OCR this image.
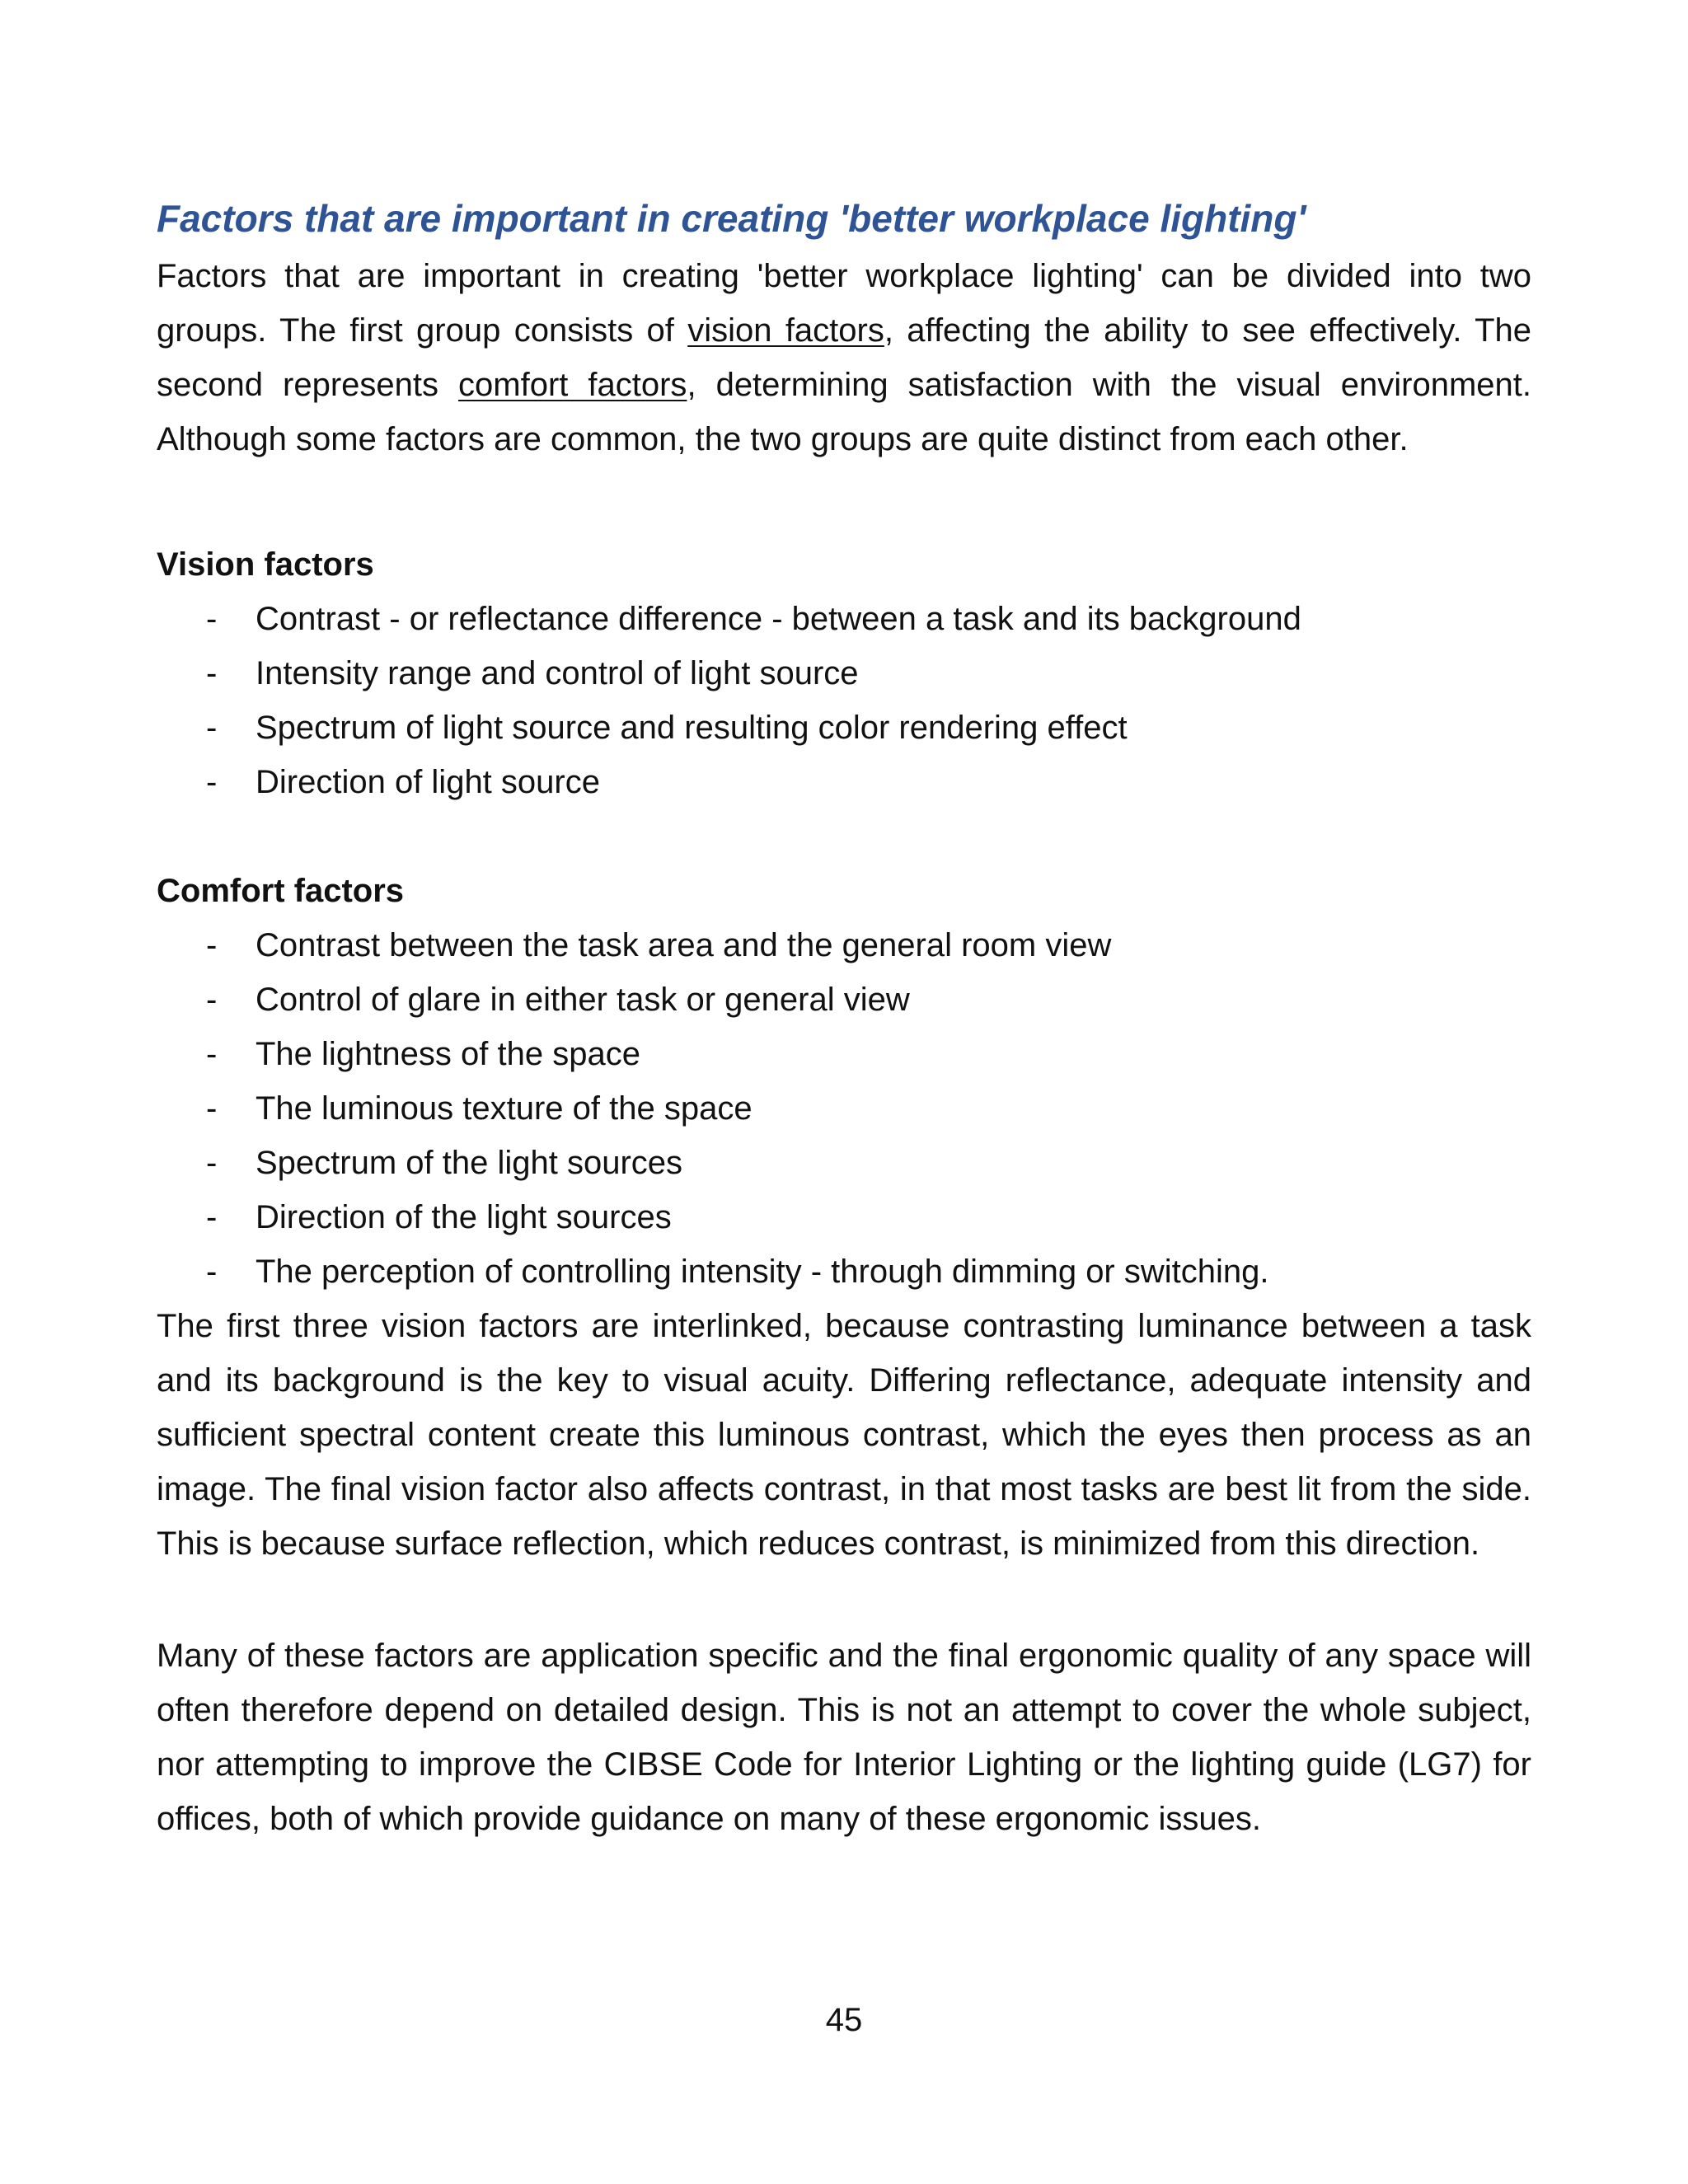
Factors that are important in creating 'better workplace lighting'

Factors that are important in creating 'better workplace lighting' can be divided into two groups. The first group consists of vision factors, affecting the ability to see effectively. The second represents comfort factors, determining satisfaction with the visual environment. Although some factors are common, the two groups are quite distinct from each other.

Vision factors
- Contrast - or reflectance difference - between a task and its background
- Intensity range and control of light source
- Spectrum of light source and resulting color rendering effect
- Direction of light source
Comfort factors
- Contrast between the task area and the general room view
- Control of glare in either task or general view
- The lightness of the space
- The luminous texture of the space
- Spectrum of the light sources
- Direction of the light sources
- The perception of controlling intensity - through dimming or switching.

The first three vision factors are interlinked, because contrasting luminance between a task and its background is the key to visual acuity. Differing reflectance, adequate intensity and sufficient spectral content create this luminous contrast, which the eyes then process as an image. The final vision factor also affects contrast, in that most tasks are best lit from the side. This is because surface reflection, which reduces contrast, is minimized from this direction.

Many of these factors are application specific and the final ergonomic quality of any space will often therefore depend on detailed design. This is not an attempt to cover the whole subject, nor attempting to improve the CIBSE Code for Interior Lighting or the lighting guide (LG7) for offices, both of which provide guidance on many of these ergonomic issues.

45
